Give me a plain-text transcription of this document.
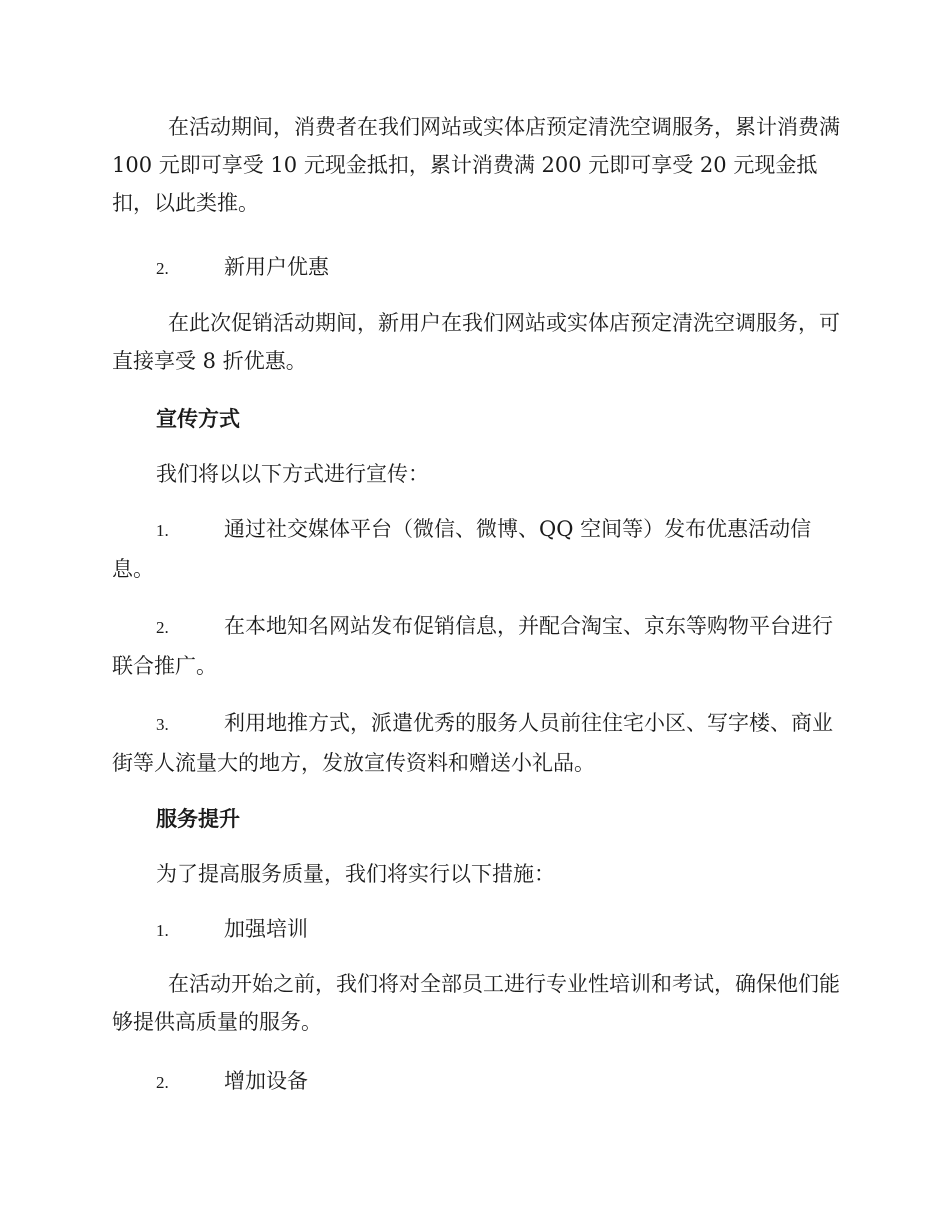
在活动期间，消费者在我们网站或实体店预定清洗空调服务，累计消费满 100 元即可享受 10 元现金抵扣，累计消费满 200 元即可享受 20 元现金抵扣，以此类推。

2.	新用户优惠

在此次促销活动期间，新用户在我们网站或实体店预定清洗空调服务，可直接享受 8 折优惠。

宣传方式

我们将以以下方式进行宣传：

1.	通过社交媒体平台（微信、微博、QQ 空间等）发布优惠活动信息。

2.	在本地知名网站发布促销信息，并配合淘宝、京东等购物平台进行联合推广。

3.	利用地推方式，派遣优秀的服务人员前往住宅小区、写字楼、商业街等人流量大的地方，发放宣传资料和赠送小礼品。

服务提升

为了提高服务质量，我们将实行以下措施：

1.	加强培训

在活动开始之前，我们将对全部员工进行专业性培训和考试，确保他们能够提供高质量的服务。

2.	增加设备
